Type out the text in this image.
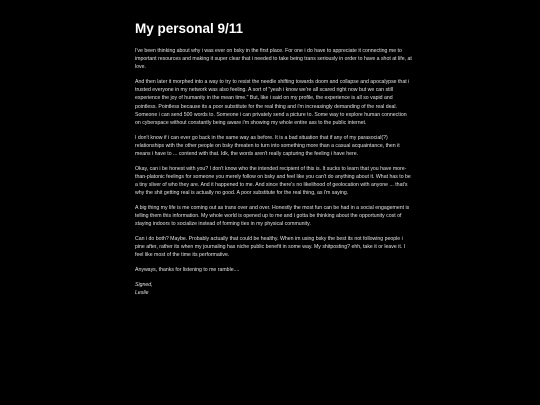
My personal 9/11

I've been thinking about why i was ever on bsky in the first place. For one i do have to appreciate it connecting me to important resources and making it super clear that i needed to take being trans seriously in order to have a shot at life, at love.

And then later it morphed into a way to try to resist the needle shifting towards doom and collapse and apocalypse that i trusted everyone in my network was also feeling. A sort of "yeah i know we're all scared right now but we can still experience the joy of humanity in the mean time." But, like i said on my profile, the experience is all so vapid and pointless. Pointless because its a poor substitute for the real thing and i'm increasingly demanding of the real deal. Someone i can send 500 words to. Someone i can privately send a picture to. Some way to explore human connection on cyberspace without constantly being aware i'm showing my whole entire ass to the public internet.

I don't know if i can ever go back in the same way as before. It is a bad situation that if any of my parasocial(?) relationships with the other people on bsky threaten to turn into something more than a casual acquaintance, then it means i have to ... contend with that. Idk, the words aren't really capturing the feeling i have here.

Okay, can i be honest with you? I don't know who the intended recipient of this is. It sucks to learn that you have more-than-platonic feelings for someone you merely follow on bsky and feel like you can't do anything about it. What has to be a tiny sliver of who they are. And it happened to me. And since there's no likelihood of geolocation with anyone ... that's why the shit getting real is actually no good. A poor substitute for the real thing, as i'm saying.

A big thing my life is me coming out as trans over and over. Honestly the most fun can be had in a social engagement is telling them this information. My whole world is opened up to me and i gotta be thinking about the opportunity cost of staying indoors to socialize instead of forming ties in my physical community.

Can i do both? Maybe. Probably actually that could be healthy. When im using bsky the best its not following people i pine after, rather its when my journaling has niche public benefit in some way. My shitposting? ehh, take it or leave it. I feel like most of the time its performative.

Anyways, thanks for listening to me ramble....

Signed,
Leslie
